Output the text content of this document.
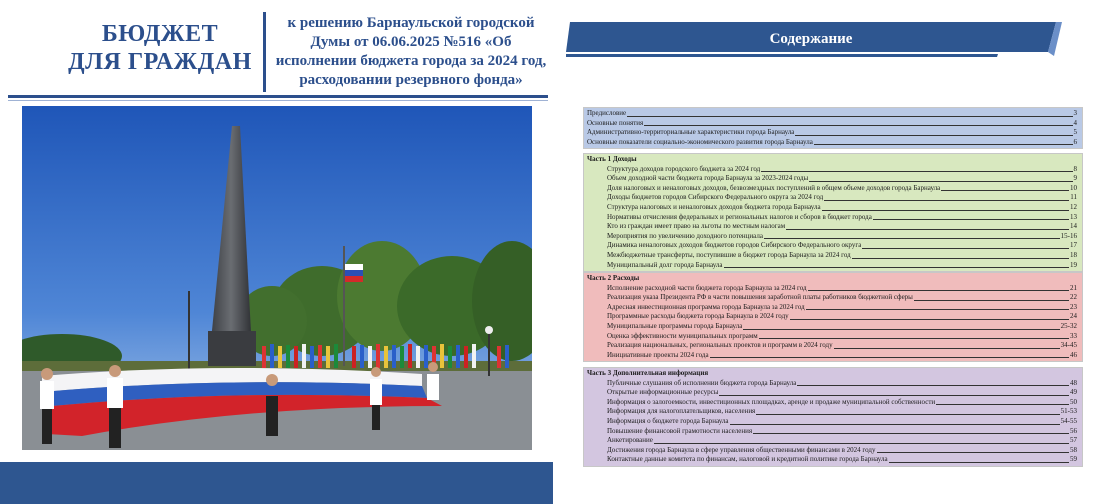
БЮДЖЕТ
ДЛЯ ГРАЖДАН
к решению Барнаульской городской Думы от 06.06.2025 №516 «Об исполнении бюджета города за 2024 год, расходовании резервного фонда»
Содержание
Предисловие	3
Основные понятия	4
Административно-территориальные характеристики города Барнаула	5
Основные показатели социально-экономического развития города Барнаула	6
Часть 1 Доходы
Структура доходов городского бюджета за 2024 год	8
Объем доходной части бюджета города Барнаула за 2023-2024 годы	9
Доля налоговых и неналоговых доходов, безвозмездных поступлений в общем объеме доходов города Барнаула	10
Доходы бюджетов городов Сибирского Федерального округа за 2024 год	11
Структура налоговых и неналоговых доходов бюджета города Барнаула	12
Нормативы отчисления федеральных и региональных налогов и сборов в бюджет города	13
Кто из граждан имеет право на льготы по местным налогам	14
Мероприятия по увеличению доходного потенциала	15-16
Динамика неналоговых доходов бюджетов городов Сибирского Федерального округа	17
Межбюджетные трансферты, поступившие в бюджет города Барнаула за 2024 год	18
Муниципальный долг города Барнаула	19
Часть 2 Расходы
Исполнение расходной части бюджета города Барнаула за 2024 год	21
Реализация указа Президента РФ в части повышения заработной платы работников бюджетной сферы	22
Адресная инвестиционная программа города Барнаула за 2024 год	23
Программные расходы бюджета города Барнаула в 2024 году	24
Муниципальные программы города Барнаула	25-32
Оценка эффективности муниципальных программ	33
Реализация национальных, региональных проектов и программ в 2024 году	34-45
Инициативные проекты 2024 года	46
Часть 3 Дополнительная информация
Публичные слушания об исполнении бюджета города Барнаула	48
Открытые информационные ресурсы	49
Информация о залогоемкости, инвестиционных площадках, аренде и продаже муниципальной собственности	50
Информация для налогоплательщиков, населения	51-53
Информация о бюджете города Барнаула	54-55
Повышение финансовой грамотности населения	56
Анкетирование	57
Достижения города Барнаула в сфере управления общественными финансами в 2024 году	58
Контактные данные комитета по финансам, налоговой и кредитной политике города Барнаула	59
